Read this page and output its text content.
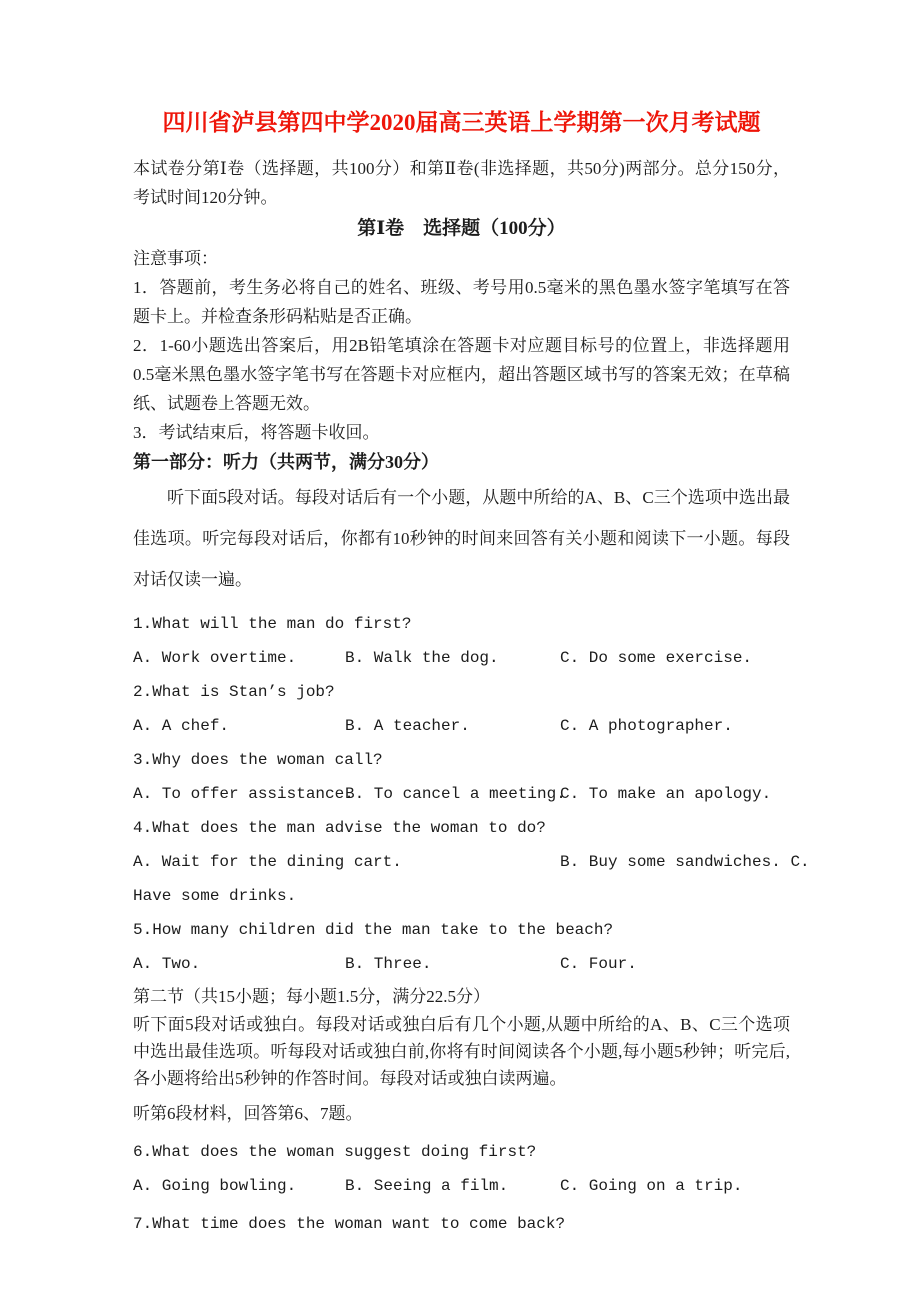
四川省泸县第四中学2020届高三英语上学期第一次月考试题
本试卷分第Ⅰ卷（选择题，共100分）和第Ⅱ卷(非选择题，共50分)两部分。总分150分，考试时间120分钟。
第Ⅰ卷　选择题（100分）
注意事项：
1．答题前，考生务必将自己的姓名、班级、考号用0.5毫米的黑色墨水签字笔填写在答题卡上。并检查条形码粘贴是否正确。
2．1-60小题选出答案后，用2B铅笔填涂在答题卡对应题目标号的位置上，非选择题用0.5毫米黑色墨水签字笔书写在答题卡对应框内，超出答题区域书写的答案无效；在草稿纸、试题卷上答题无效。
3．考试结束后，将答题卡收回。
第一部分：听力（共两节，满分30分）
听下面5段对话。每段对话后有一个小题，从题中所给的A、B、C三个选项中选出最佳选项。听完每段对话后，你都有10秒钟的时间来回答有关小题和阅读下一小题。每段对话仅读一遍。
1.What will the man do first?
A. Work overtime.	B. Walk the dog.	C. Do some exercise.
2.What is Stan’s job?
A. A chef.	B. A teacher.	C. A photographer.
3.Why does the woman call?
A. To offer assistance.
B. To cancel a meeting.
C. To make an apology.
4.What does the man advise the woman to do?
A. Wait for the dining cart.	B. Buy some sandwiches. C.
Have some drinks.
5.How many children did the man take to the beach?
A. Two.	B. Three.	C. Four.
第二节（共15小题；每小题1.5分，满分22.5分）
听下面5段对话或独白。每段对话或独白后有几个小题,从题中所给的A、B、C三个选项中选出最佳选项。听每段对话或独白前,你将有时间阅读各个小题,每小题5秒钟；听完后,各小题将给出5秒钟的作答时间。每段对话或独白读两遍。
听第6段材料，回答第6、7题。
6.What does the woman suggest doing first?
A. Going bowling.	B. Seeing a film.	C. Going on a trip.
7.What time does the woman want to come back?
